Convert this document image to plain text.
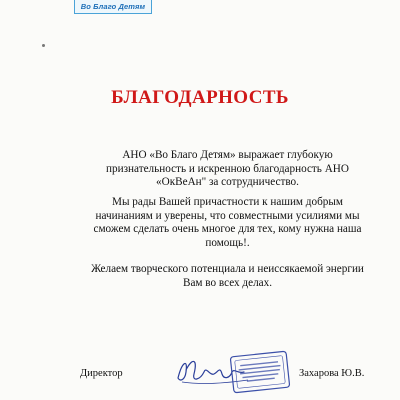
Во Благо Детям
БЛАГОДАРНОСТЬ
АНО «Во Благо Детям» выражает глубокую признательность и искренною благодарность АНО «ОкВеАн" за сотрудничество.
Мы рады Вашей причастности к нашим добрым начинаниям и уверены, что совместными усилиями мы сможем сделать очень многое для тех, кому нужна наша помощь!.
Желаем творческого потенциала и неиссякаемой энергии Вам во всех делах.
Директор	Захарова Ю.В.
